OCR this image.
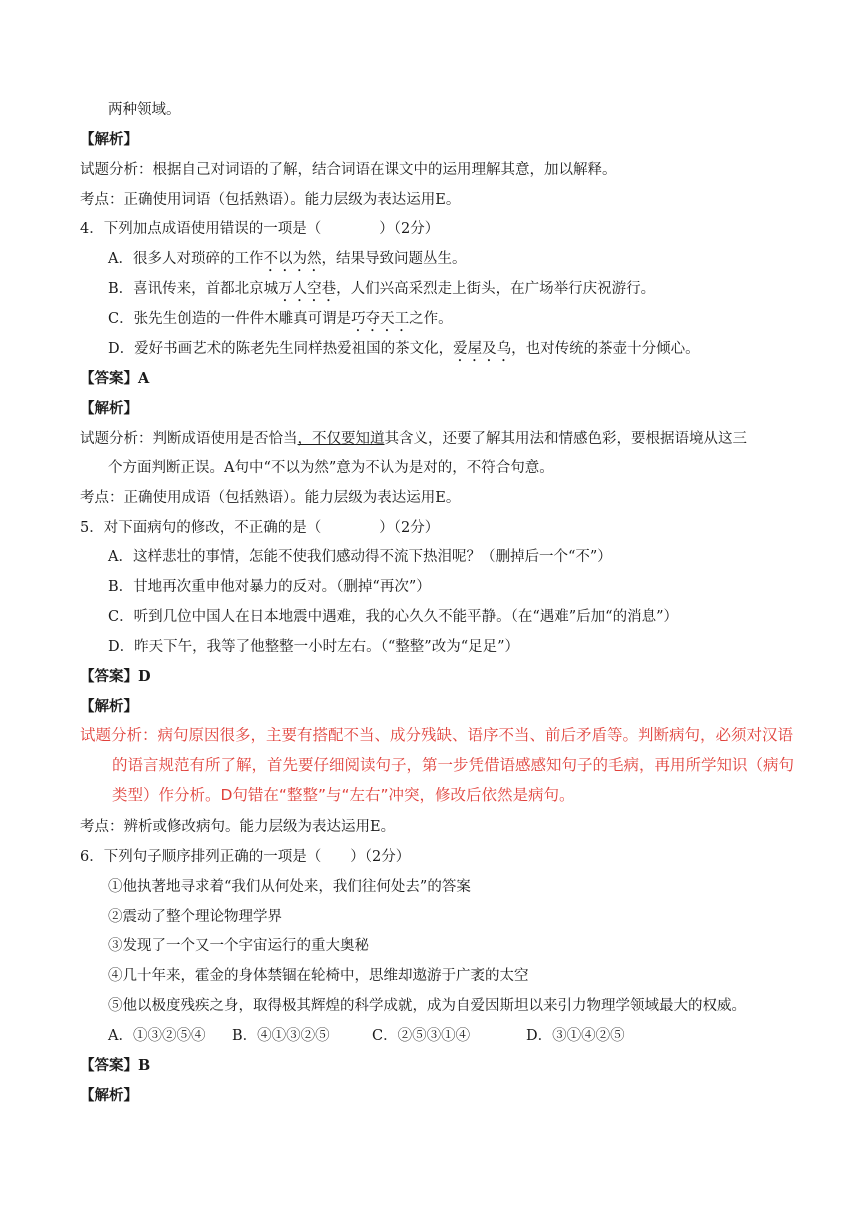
两种领域。
【解析】
试题分析：根据自己对词语的了解，结合词语在课文中的运用理解其意，加以解释。
考点：正确使用词语（包括熟语）。能力层级为表达运用E。
4．下列加点成语使用错误的一项是（　　　　）（2分）
A．很多人对琐碎的工作不以为然，结果导致问题丛生。
B．喜讯传来，首都北京城万人空巷，人们兴高采烈走上街头，在广场举行庆祝游行。
C．张先生创造的一件件木雕真可谓是巧夺天工之作。
D．爱好书画艺术的陈老先生同样热爱祖国的茶文化，爱屋及乌，也对传统的茶壶十分倾心。
【答案】A
【解析】
试题分析：判断成语使用是否恰当，不仅要知道其含义，还要了解其用法和情感色彩，要根据语境从这三
个方面判断正误。A句中“不以为然”意为不认为是对的，不符合句意。
考点：正确使用成语（包括熟语）。能力层级为表达运用E。
5．对下面病句的修改，不正确的是（　　　　）（2分）
A．这样悲壮的事情，怎能不使我们感动得不流下热泪呢？（删掉后一个“不”）
B．甘地再次重申他对暴力的反对。（删掉“再次”）
C．听到几位中国人在日本地震中遇难，我的心久久不能平静。（在“遇难”后加“的消息”）
D．昨天下午，我等了他整整一小时左右。（“整整”改为“足足”）
【答案】D
【解析】
试题分析：病句原因很多，主要有搭配不当、成分残缺、语序不当、前后矛盾等。判断病句，必须对汉语
的语言规范有所了解，首先要仔细阅读句子，第一步凭借语感感知句子的毛病，再用所学知识（病句类型）作分析。D句错在“整整”与“左右”冲突，修改后依然是病句。
考点：辨析或修改病句。能力层级为表达运用E。
6．下列句子顺序排列正确的一项是（　　）（2分）
①他执著地寻求着“我们从何处来，我们往何处去”的答案
②震动了整个理论物理学界
③发现了一个又一个宇宙运行的重大奥秘
④几十年来，霍金的身体禁锢在轮椅中，思维却遨游于广袤的太空
⑤他以极度残疾之身，取得极其辉煌的科学成就，成为自爱因斯坦以来引力物理学领域最大的权威。
A．①③②⑤④ B．④①③②⑤	C．②⑤③①④	D．③①④②⑤
【答案】B
【解析】
